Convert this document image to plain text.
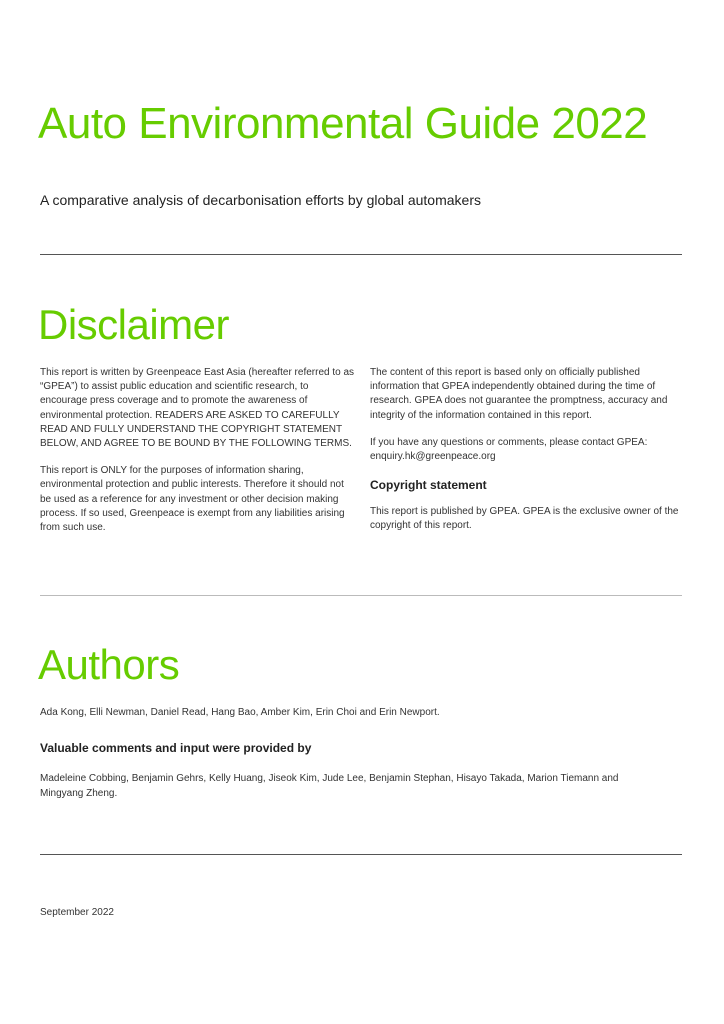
Auto Environmental Guide 2022

A comparative analysis of decarbonisation efforts by global automakers

Disclaimer

This report is written by Greenpeace East Asia (hereafter referred to as “GPEA”) to assist public education and scientific research, to encourage press coverage and to promote the awareness of environmental protection. READERS ARE ASKED TO CAREFULLY READ AND FULLY UNDERSTAND THE COPYRIGHT STATEMENT BELOW, AND AGREE TO BE BOUND BY THE FOLLOWING TERMS.

This report is ONLY for the purposes of information sharing, environmental protection and public interests. Therefore it should not be used as a reference for any investment or other decision making process. If so used, Greenpeace is exempt from any liabilities arising from such use.

The content of this report is based only on officially published information that GPEA independently obtained during the time of research. GPEA does not guarantee the promptness, accuracy and integrity of the information contained in this report.

If you have any questions or comments, please contact GPEA: enquiry.hk@greenpeace.org

Copyright statement

This report is published by GPEA. GPEA is the exclusive owner of the copyright of this report.

Authors

Ada Kong, Elli Newman, Daniel Read, Hang Bao, Amber Kim, Erin Choi and Erin Newport.

Valuable comments and input were provided by

Madeleine Cobbing, Benjamin Gehrs, Kelly Huang, Jiseok Kim, Jude Lee, Benjamin Stephan, Hisayo Takada, Marion Tiemann and Mingyang Zheng.

September 2022
